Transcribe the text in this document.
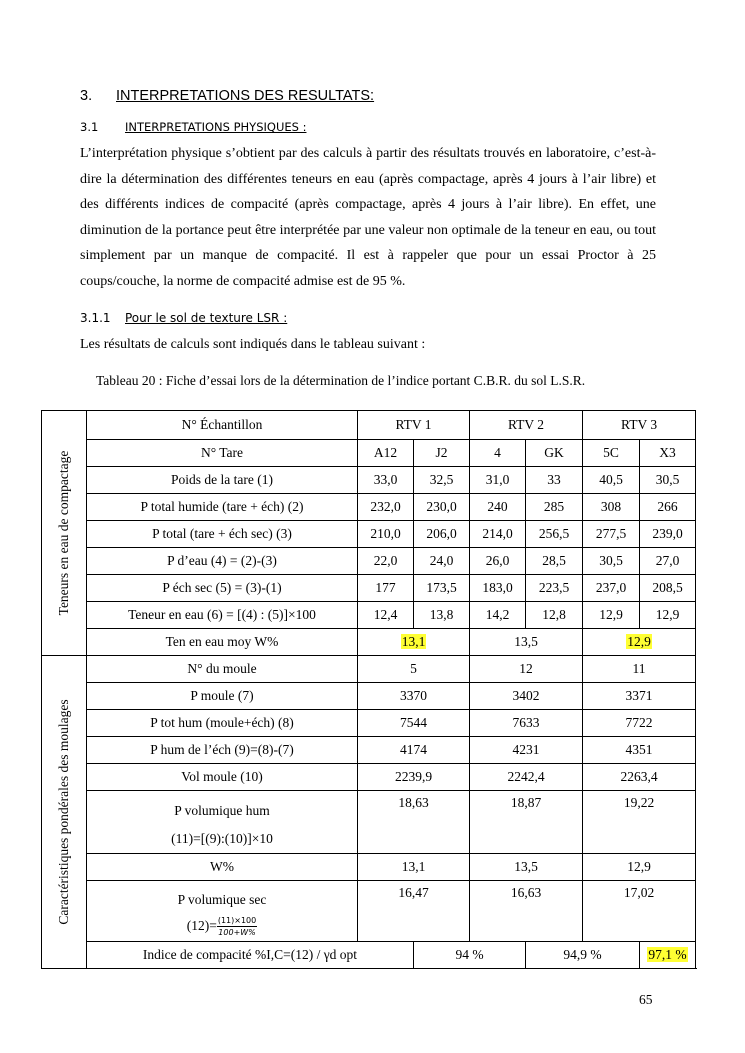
3. INTERPRETATIONS DES RESULTATS:
3.1 INTERPRETATIONS PHYSIQUES :
L’interprétation physique s’obtient par des calculs à partir des résultats trouvés en laboratoire, c’est-à-dire la détermination des différentes teneurs en eau (après compactage, après 4 jours à l’air libre) et des différents indices de compacité (après compactage, après 4 jours à l’air libre). En effet, une diminution de la portance peut être interprétée par une valeur non optimale de la teneur en eau, ou tout simplement par un manque de compacité. Il est à rappeler que pour un essai Proctor à 25 coups/couche, la norme de compacité admise est de 95 %.
3.1.1 Pour le sol de texture LSR :
Les résultats de calculs sont indiqués dans le tableau suivant :
Tableau 20 : Fiche d’essai lors de la détermination de l’indice portant C.B.R. du sol L.S.R.
Teneurs en eau de compactage	N° Échantillon	RTV 1		RTV 2		RTV 3	
	N° Tare	A12	J2	4	GK	5C	X3
	Poids de la tare (1)	33,0	32,5	31,0	33	40,5	30,5
	P total humide (tare + éch) (2)	232,0	230,0	240	285	308	266
	P total (tare + éch sec) (3)	210,0	206,0	214,0	256,5	277,5	239,0
	P d’eau (4) = (2)-(3)	22,0	24,0	26,0	28,5	30,5	27,0
	P éch sec (5) = (3)-(1)	177	173,5	183,0	223,5	237,0	208,5
	Teneur en eau (6) = [(4) : (5)]×100	12,4	13,8	14,2	12,8	12,9	12,9
	Ten en eau moy W%	13,1		13,5		12,9	

Caractéristiques pondérales des moulages	N° du moule	5		12		11	
	P moule (7)	3370		3402		3371	
	P tot hum (moule+éch) (8)	7544		7633		7722	
	P hum de l’éch (9)=(8)-(7)	4174		4231		4351	
	Vol moule (10)	2239,9		2242,4		2263,4	

	P volumique hum
(11)=[(9):(10)]×10	18,63		18,87		19,22	
	W%	13,1		13,5		12,9	

	P volumique sec
$(12)= \frac{(11)\times 100}{100+W\%}$	16,47		16,63		17,02	
	Indice de compacité %I,C=(12) / γd opt		94 %		94,9 %		97,1 %
65
